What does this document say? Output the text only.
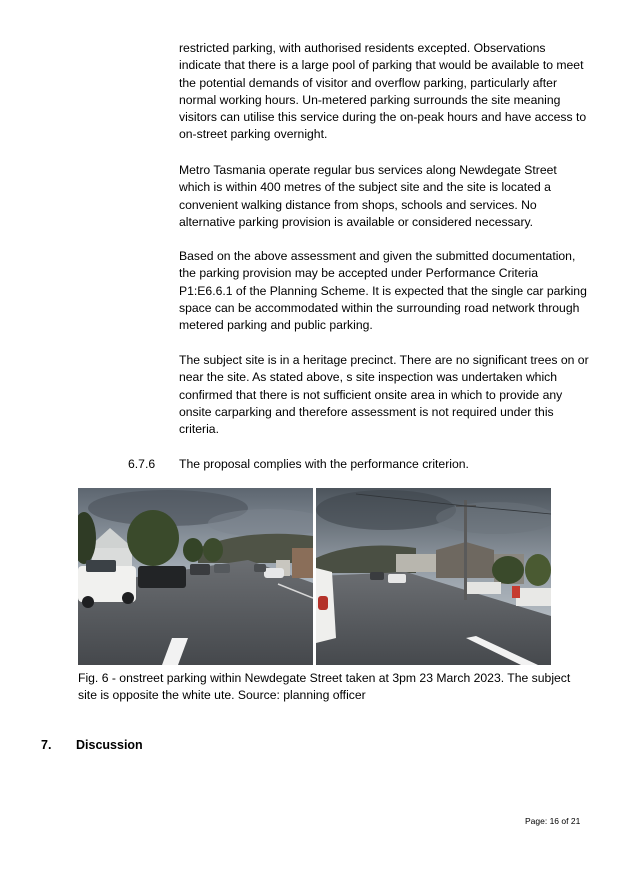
restricted parking, with authorised residents excepted. Observations indicate that there is a large pool of parking that would be available to meet the potential demands of visitor and overflow parking, particularly after normal working hours. Un-metered parking surrounds the site meaning visitors can utilise this service during the on-peak hours and have access to on-street parking overnight.

Metro Tasmania operate regular bus services along Newdegate Street which is within 400 metres of the subject site and the site is located a convenient walking distance from shops, schools and services. No alternative parking provision is available or considered necessary.

Based on the above assessment and given the submitted documentation, the parking provision may be accepted under Performance Criteria P1:E6.6.1 of the Planning Scheme. It is expected that the single car parking space can be accommodated within the surrounding road network through metered parking and public parking.

The subject site is in a heritage precinct. There are no significant trees on or near the site. As stated above, s site inspection was undertaken which confirmed that there is not sufficient onsite area in which to provide any onsite carparking and therefore assessment is not required under this criteria.

6.7.6 The proposal complies with the performance criterion.

Fig. 6 - onstreet parking within Newdegate Street taken at 3pm 23 March 2023. The subject site is opposite the white ute. Source: planning officer

7. Discussion
Page: 16 of 21
